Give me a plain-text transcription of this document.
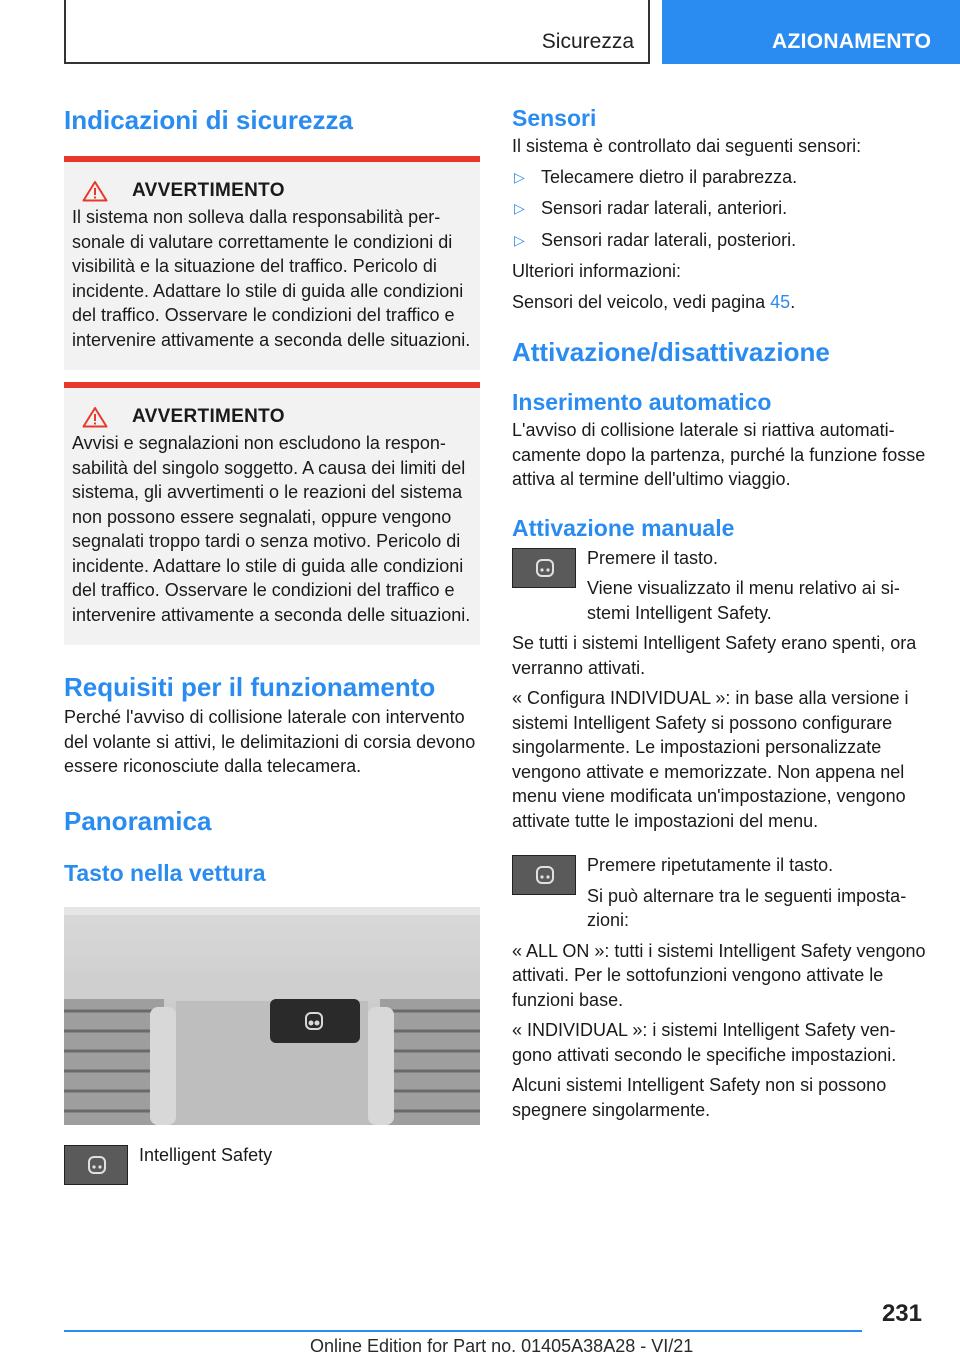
Sicurezza	AZIONAMENTO
Indicazioni di sicurezza
AVVERTIMENTO

Il sistema non solleva dalla responsabilità personale di valutare correttamente le condizioni di visibilità e la situazione del traffico. Pericolo di incidente. Adattare lo stile di guida alle condizioni del traffico. Osservare le condizioni del traffico e intervenire attivamente a seconda delle situazioni.

AVVERTIMENTO

Avvisi e segnalazioni non escludono la responsabilità del singolo soggetto. A causa dei limiti del sistema, gli avvertimenti o le reazioni del sistema non possono essere segnalati, oppure vengono segnalati troppo tardi o senza motivo. Pericolo di incidente. Adattare lo stile di guida alle condizioni del traffico. Osservare le condizioni del traffico e intervenire attivamente a seconda delle situazioni.

Requisiti per il funzionamento

Perché l'avviso di collisione laterale con intervento del volante si attivi, le delimitazioni di corsia devono essere riconosciute dalla telecamera.

Panoramica
Tasto nella vettura

Intelligent Safety

Sensori

Il sistema è controllato dai seguenti sensori:

▷ Telecamere dietro il parabrezza.
▷ Sensori radar laterali, anteriori.
▷ Sensori radar laterali, posteriori.

Ulteriori informazioni:

Sensori del veicolo, vedi pagina 45.

Attivazione/disattivazione
Inserimento automatico

L'avviso di collisione laterale si riattiva automaticamente dopo la partenza, purché la funzione fosse attiva al termine dell'ultimo viaggio.

Attivazione manuale

Premere il tasto.

Viene visualizzato il menu relativo ai sistemi Intelligent Safety.

Se tutti i sistemi Intelligent Safety erano spenti, ora verranno attivati.

« Configura INDIVIDUAL »: in base alla versione i sistemi Intelligent Safety si possono configurare singolarmente. Le impostazioni personalizzate vengono attivate e memorizzate. Non appena nel menu viene modificata un'impostazione, vengono attivate tutte le impostazioni del menu.

Premere ripetutamente il tasto.

Si può alternare tra le seguenti impostazioni:

« ALL ON »: tutti i sistemi Intelligent Safety vengono attivati. Per le sottofunzioni vengono attivate le funzioni base.

« INDIVIDUAL »: i sistemi Intelligent Safety vengono attivati secondo le specifiche impostazioni.

Alcuni sistemi Intelligent Safety non si possono spegnere singolarmente.

231
Online Edition for Part no. 01405A38A28 - VI/21
